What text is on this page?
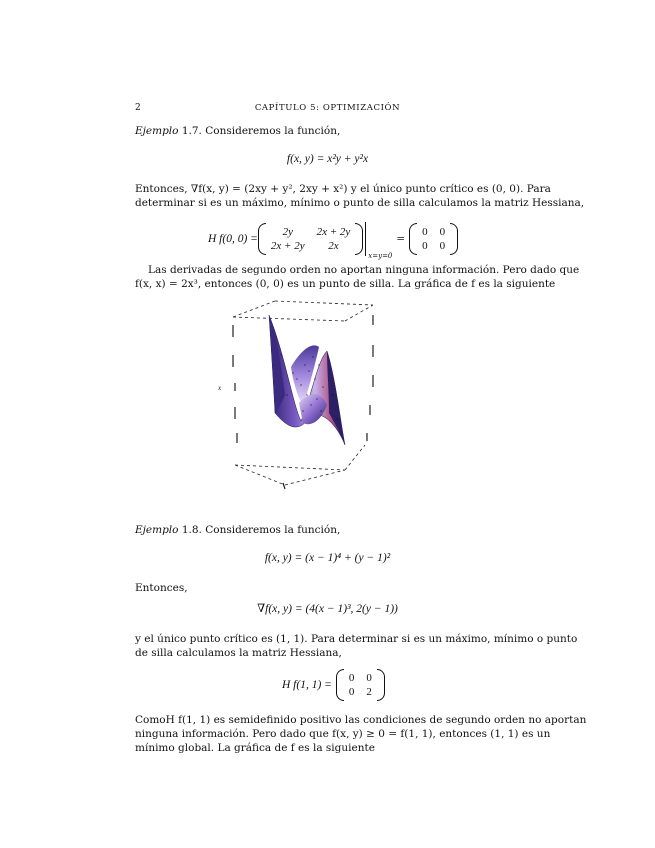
2	CAPÍTULO 5: OPTIMIZACIÓN
Ejemplo 1.7. Consideremos la función,
f(x, y) = x²y + y²x
Entonces, ∇f(x, y) = (2xy + y², 2xy + x²) y el único punto crítico es (0, 0). Para
determinar si es un máximo, mínimo o punto de silla calculamos la matriz Hessiana,
H f(0, 0) =
2y	2x + 2y
2x + 2y	2x
x=y=0
=
0	0
0	0
Las derivadas de segundo orden no aportan ninguna información. Pero dado que
f(x, x) = 2x³, entonces (0, 0) es un punto de silla. La gráfica de f es la siguiente
x
Ejemplo 1.8. Consideremos la función,
f(x, y) = (x − 1)⁴ + (y − 1)²
Entonces,
∇f(x, y) = (4(x − 1)³, 2(y − 1))
y el único punto crítico es (1, 1). Para determinar si es un máximo, mínimo o punto
de silla calculamos la matriz Hessiana,
H f(1, 1) =
0	0
0	2
ComoH f(1, 1) es semidefinido positivo las condiciones de segundo orden no aportan
ninguna información. Pero dado que f(x, y) ≥ 0 = f(1, 1), entonces (1, 1) es un
mínimo global. La gráfica de f es la siguiente
